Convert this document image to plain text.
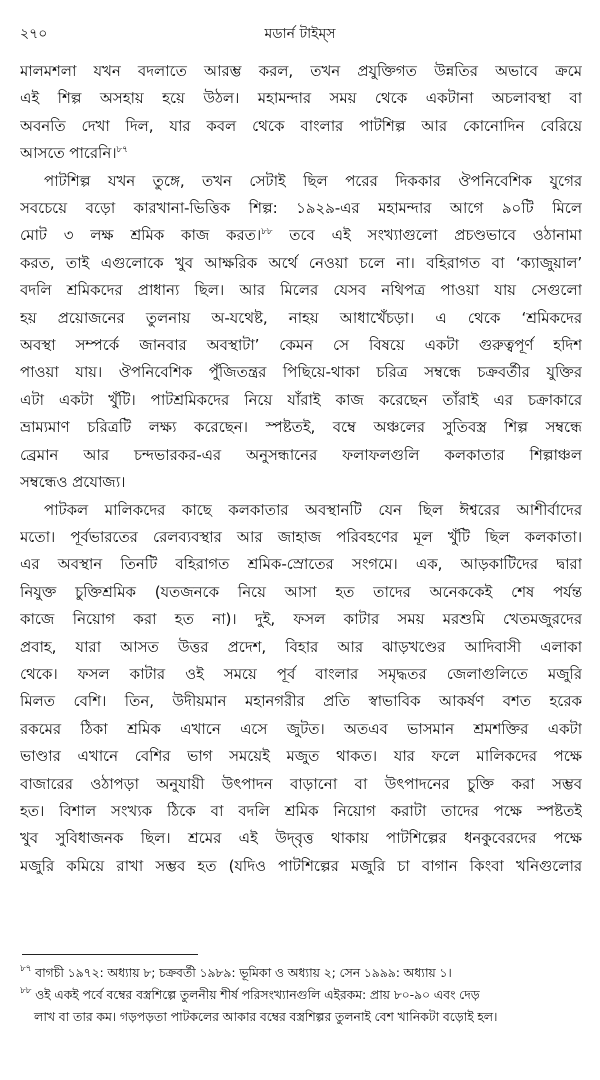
২৭০	মডার্ন টাইম্‌স
মালমশলা যখন বদলাতে আরম্ভ করল, তখন প্রযুক্তিগত উন্নতির অভাবে ক্রমে
এই শিল্প অসহায় হয়ে উঠল। মহামন্দার সময় থেকে একটানা অচলাবস্থা বা
অবনতি দেখা দিল, যার কবল থেকে বাংলার পাটশিল্প আর কোনোদিন বেরিয়ে
আসতে পারেনি।$^{৮৭}$
পাটশিল্প যখন তুঙ্গে, তখন সেটাই ছিল পরের দিককার ঔপনিবেশিক যুগের
সবচেয়ে বড়ো কারখানা-ভিত্তিক শিল্প: ১৯২৯-এর মহামন্দার আগে ৯০টি মিলে
মোট ৩ লক্ষ শ্রমিক কাজ করত।$^{৮৮}$ তবে এই সংখ্যাগুলো প্রচণ্ডভাবে ওঠানামা
করত, তাই এগুলোকে খুব আক্ষরিক অর্থে নেওয়া চলে না। বহিরাগত বা ‘ক্যাজুয়াল’
বদলি শ্রমিকদের প্রাধান্য ছিল। আর মিলের যেসব নথিপত্র পাওয়া যায় সেগুলো
হয় প্রয়োজনের তুলনায় অ-যথেষ্ট, নাহয় আধাখেঁচড়া। এ থেকে ‘শ্রমিকদের
অবস্থা সম্পর্কে জানবার অবস্থাটা’ কেমন সে বিষয়ে একটা গুরুত্বপূর্ণ হদিশ
পাওয়া যায়। ঔপনিবেশিক পুঁজিতন্ত্রর পিছিয়ে-থাকা চরিত্র সম্বন্ধে চক্রবর্তীর যুক্তির
এটা একটা খুঁটি। পাটশ্রমিকদের নিয়ে যাঁরাই কাজ করেছেন তাঁরাই এর চক্রাকারে
ভ্রাম্যমাণ চরিত্রটি লক্ষ্য করেছেন। স্পষ্টতই, বম্বে অঞ্চলের সুতিবস্ত্র শিল্প সম্বন্ধে
ব্রেমান আর চন্দভারকর-এর অনুসন্ধানের ফলাফলগুলি কলকাতার শিল্পাঞ্চল
সম্বন্ধেও প্রযোজ্য।
পাটকল মালিকদের কাছে কলকাতার অবস্থানটি যেন ছিল ঈশ্বরের আশীর্বাদের
মতো। পূর্বভারতের রেলব্যবস্থার আর জাহাজ পরিবহণের মূল খুঁটি ছিল কলকাতা।
এর অবস্থান তিনটি বহিরাগত শ্রমিক-স্রোতের সংগমে। এক, আড়কাটিদের দ্বারা
নিযুক্ত চুক্তিশ্রমিক (যতজনকে নিয়ে আসা হত তাদের অনেককেই শেষ পর্যন্ত
কাজে নিয়োগ করা হত না)। দুই, ফসল কাটার সময় মরশুমি খেতমজুরদের
প্রবাহ, যারা আসত উত্তর প্রদেশ, বিহার আর ঝাড়খণ্ডের আদিবাসী এলাকা
থেকে। ফসল কাটার ওই সময়ে পূর্ব বাংলার সমৃদ্ধতর জেলাগুলিতে মজুরি
মিলত বেশি। তিন, উদীয়মান মহানগরীর প্রতি স্বাভাবিক আকর্ষণ বশত হরেক
রকমের ঠিকা শ্রমিক এখানে এসে জুটত। অতএব ভাসমান শ্রমশক্তির একটা
ভাণ্ডার এখানে বেশির ভাগ সময়েই মজুত থাকত। যার ফলে মালিকদের পক্ষে
বাজারের ওঠাপড়া অনুযায়ী উৎপাদন বাড়ানো বা উৎপাদনের চুক্তি করা সম্ভব
হত। বিশাল সংখ্যক ঠিকে বা বদলি শ্রমিক নিয়োগ করাটা তাদের পক্ষে স্পষ্টতই
খুব সুবিধাজনক ছিল। শ্রমের এই উদ্‌বৃত্ত থাকায় পাটশিল্পের ধনকুবেরদের পক্ষে
মজুরি কমিয়ে রাখা সম্ভব হত (যদিও পাটশিল্পের মজুরি চা বাগান কিংবা খনিগুলোর
$^{৮৭}$ বাগচী ১৯৭২: অধ্যায় ৮; চক্রবর্তী ১৯৮৯: ভূমিকা ও অধ্যায় ২; সেন ১৯৯৯: অধ্যায় ১।
$^{৮৮}$ ওই একই পর্বে বম্বের বস্ত্রশিল্পে তুলনীয় শীর্ষ পরিসংখ্যানগুলি এইরকম: প্রায় ৮০-৯০ এবং দেড়
লাখ বা তার কম। গড়পড়তা পাটকলের আকার বম্বের বস্ত্রশিল্পর তুলনাই বেশ খানিকটা বড়োই হল।
